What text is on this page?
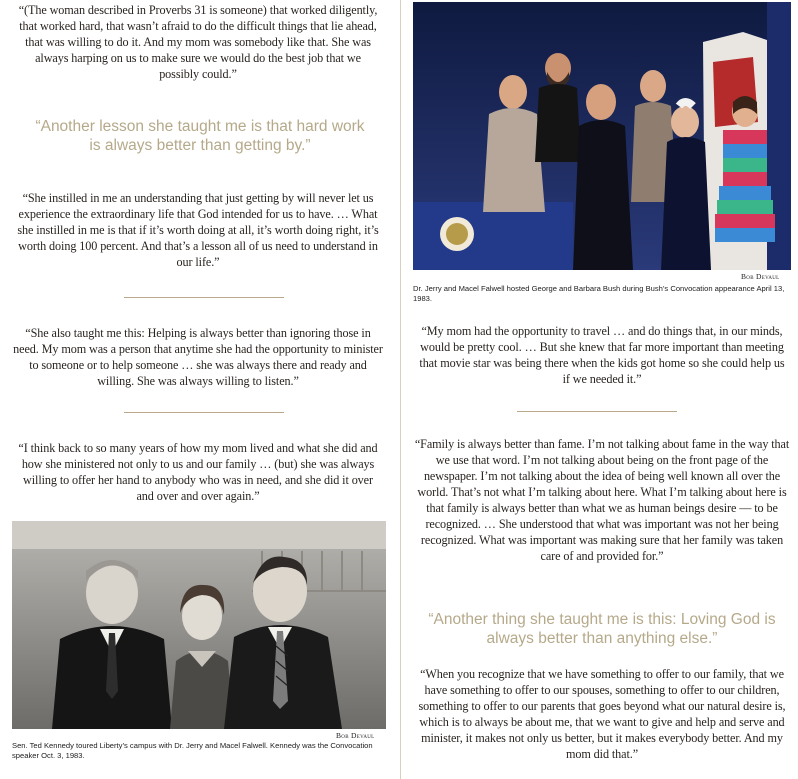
“(The woman described in Proverbs 31 is someone) that worked diligently, that worked hard, that wasn’t afraid to do the difficult things that lie ahead, that was willing to do it. And my mom was somebody like that. She was always harping on us to make sure we would do the best job that we possibly could.”

“Another lesson she taught me is that hard work is always better than getting by.”

“She instilled in me an understanding that just getting by will never let us experience the extraordinary life that God intended for us to have. … What she instilled in me is that if it’s worth doing at all, it’s worth doing right, it’s worth doing 100 percent. And that’s a lesson all of us need to understand in our life.”

“She also taught me this: Helping is always better than ignoring those in need. My mom was a person that anytime she had the opportunity to minister to someone or to help someone … she was always there and ready and willing. She was always willing to listen.”

“I think back to so many years of how my mom lived and what she did and how she ministered not only to us and our family … (but) she was always willing to offer her hand to anybody who was in need, and she did it over and over and over again.”

Bob Devaul

Sen. Ted Kennedy toured Liberty’s campus with Dr. Jerry and Macel Falwell. Kennedy was the Convocation speaker Oct. 3, 1983.

Bob Devaul

Dr. Jerry and Macel Falwell hosted George and Barbara Bush during Bush’s Convocation appearance April 13, 1983.

“My mom had the opportunity to travel … and do things that, in our minds, would be pretty cool. … But she knew that far more important than meeting that movie star was being there when the kids got home so she could help us if we needed it.”

“Family is always better than fame. I’m not talking about fame in the way that we use that word. I’m not talking about being on the front page of the newspaper. I’m not talking about the idea of being well known all over the world. That’s not what I’m talking about here. What I’m talking about here is that family is always better than what we as human beings desire — to be recognized. … She understood that what was important was not her being recognized. What was important was making sure that her family was taken care of and provided for.”

“Another thing she taught me is this: Loving God is always better than anything else.”

“When you recognize that we have something to offer to our family, that we have something to offer to our spouses, something to offer to our children, something to offer to our parents that goes beyond what our natural desire is, which is to always be about me, that we want to give and help and serve and minister, it makes not only us better, but it makes everybody better. And my mom did that.”
